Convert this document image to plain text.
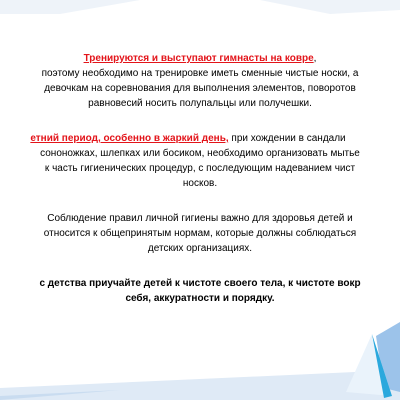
Тренируются и выступают гимнасты на ковре,
поэтому необходимо на тренировке иметь сменные чистые носки, а
девочкам на соревнования для выполнения элементов, поворотов
равновесий носить полупальцы или получешки.
етний период, особенно в жаркий день, при хождении в сандали
сононожках, шлепках или босиком, необходимо организовать мытье
к часть гигиенических процедур, с последующим надеванием чист
носков.
Соблюдение правил личной гигиены важно для здоровья детей и
относится к общепринятым нормам, которые должны соблюдаться
детских организациях.
с детства приучайте детей к чистоте своего тела, к чистоте вокр
себя, аккуратности и порядку.
